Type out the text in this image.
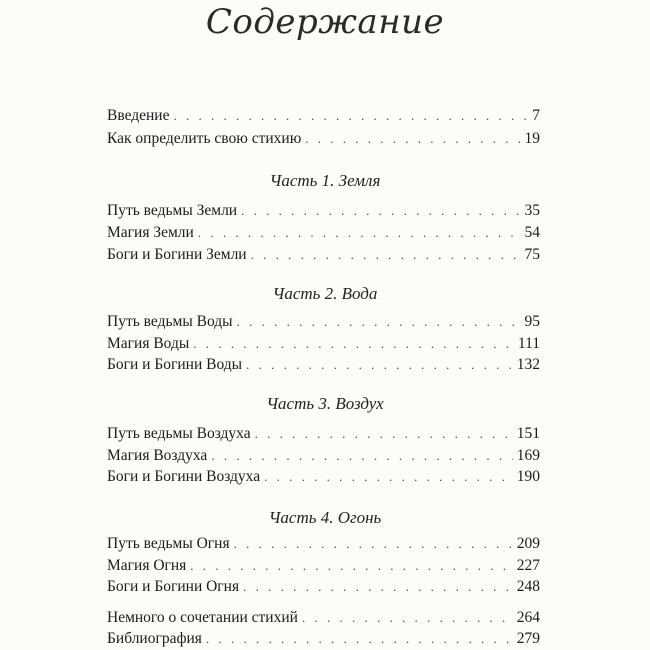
Содержание
Введение . . .	7
Как определить свою стихию . . .	19
Часть 1. Земля
Путь ведьмы Земли . . .	35
Магия Земли . . .	54
Боги и Богини Земли . . .	75
Часть 2. Вода
Путь ведьмы Воды . . .	95
Магия Воды . . .	111
Боги и Богини Воды . . .	132
Часть 3. Воздух
Путь ведьмы Воздуха . . .	151
Магия Воздуха . . .	169
Боги и Богини Воздуха . . .	190
Часть 4. Огонь
Путь ведьмы Огня . . .	209
Магия Огня . . .	227
Боги и Богини Огня . . .	248
Немного о сочетании стихий . . .	264
Библиография . . .	279
